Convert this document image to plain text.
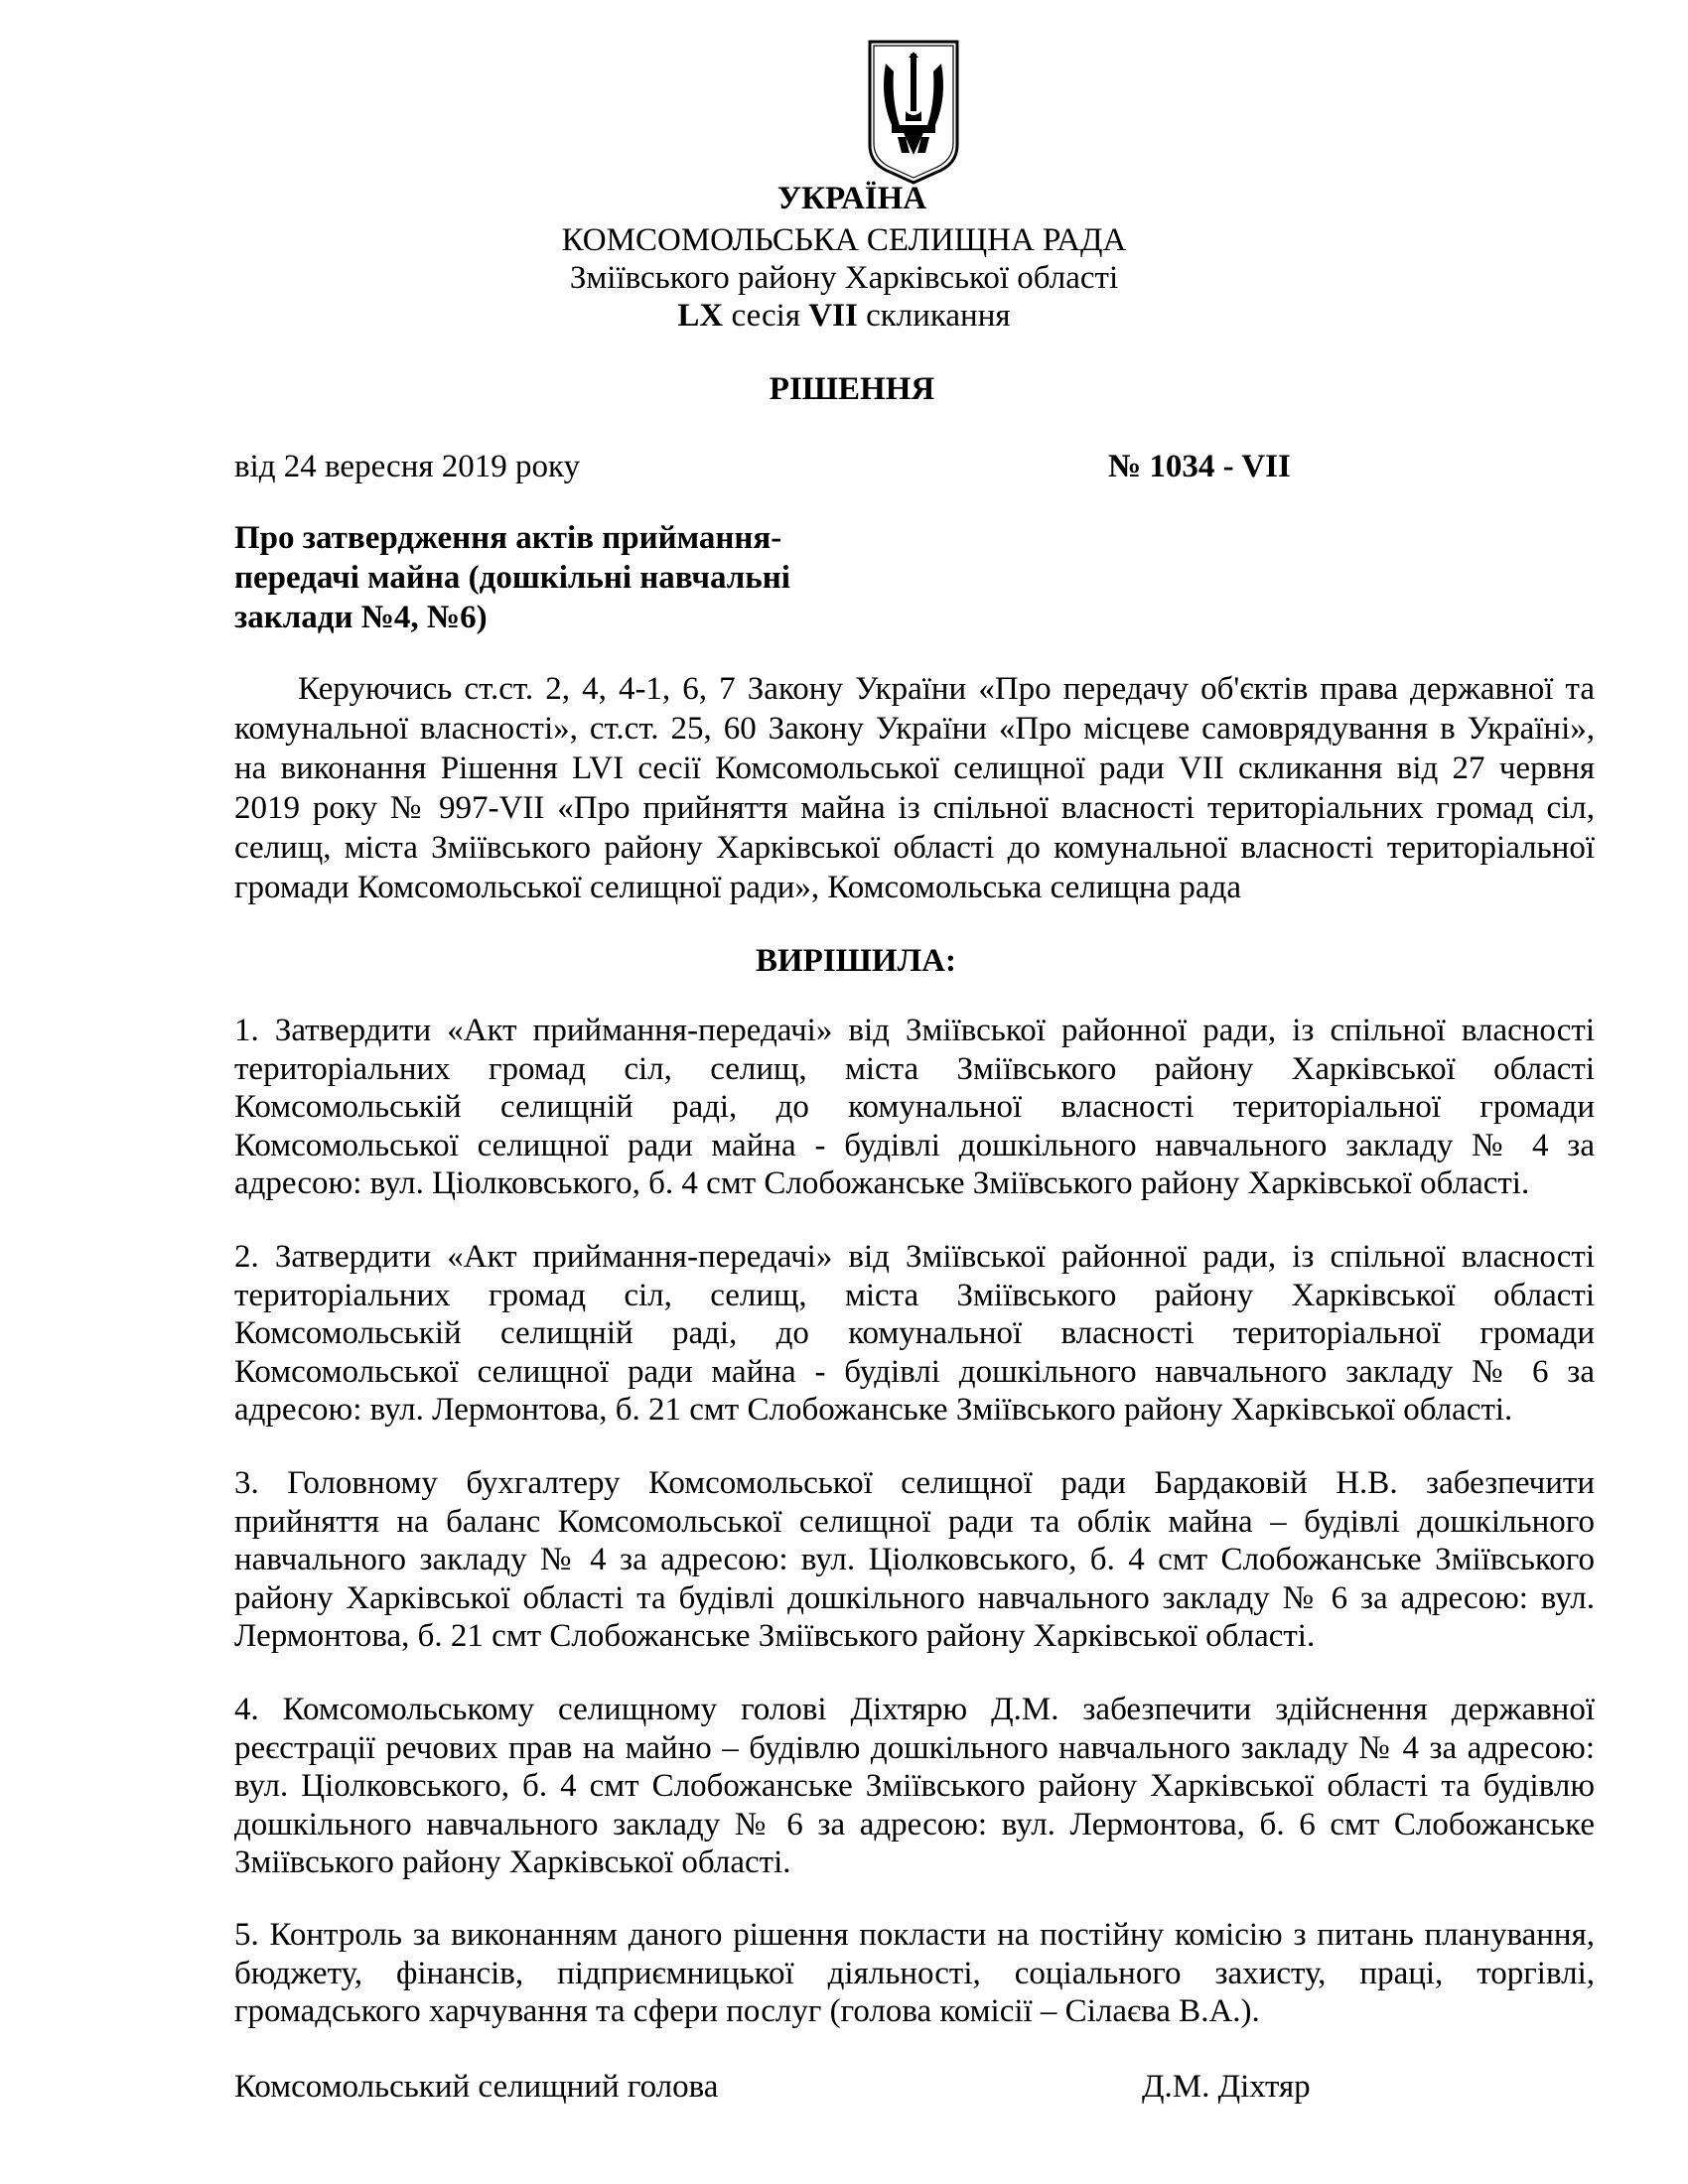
УКРАЇНА

КОМСОМОЛЬСЬКА СЕЛИЩНА РАДА

Зміївського району Харківської області

LX сесія VII скликання

РІШЕННЯ

від 24 вересня 2019 року	№ 1034 - VII
Про затвердження актів приймання-
передачі майна (дошкільні навчальні
заклади №4, №6)
Керуючись ст.ст. 2, 4, 4-1, 6, 7 Закону України «Про передачу об'єктів права державної та
комунальної власності», ст.ст. 25, 60 Закону України «Про місцеве самоврядування в Україні»,
на виконання Рішення LVI сесії Комсомольської селищної ради VII скликання від 27 червня
2019 року № 997-VII «Про прийняття майна із спільної власності територіальних громад сіл,
селищ, міста Зміївського району Харківської області до комунальної власності територіальної
громади Комсомольської селищної ради», Комсомольська селищна рада
ВИРІШИЛА:
1. Затвердити «Акт приймання-передачі» від Зміївської районної ради, із спільної власності
територіальних громад сіл, селищ, міста Зміївського району Харківської області
Комсомольській селищній раді, до комунальної власності територіальної громади
Комсомольської селищної ради майна - будівлі дошкільного навчального закладу № 4 за
адресою: вул. Ціолковського, б. 4 смт Слобожанське Зміївського району Харківської області.
2. Затвердити «Акт приймання-передачі» від Зміївської районної ради, із спільної власності
територіальних громад сіл, селищ, міста Зміївського району Харківської області
Комсомольській селищній раді, до комунальної власності територіальної громади
Комсомольської селищної ради майна - будівлі дошкільного навчального закладу № 6 за
адресою: вул. Лермонтова, б. 21 смт Слобожанське Зміївського району Харківської області.
3. Головному бухгалтеру Комсомольської селищної ради Бардаковій Н.В. забезпечити
прийняття на баланс Комсомольської селищної ради та облік майна – будівлі дошкільного
навчального закладу № 4 за адресою: вул. Ціолковського, б. 4 смт Слобожанське Зміївського
району Харківської області та будівлі дошкільного навчального закладу № 6 за адресою: вул.
Лермонтова, б. 21 смт Слобожанське Зміївського району Харківської області.
4. Комсомольському селищному голові Діхтярю Д.М. забезпечити здійснення державної
реєстрації речових прав на майно – будівлю дошкільного навчального закладу № 4 за адресою:
вул. Ціолковського, б. 4 смт Слобожанське Зміївського району Харківської області та будівлю
дошкільного навчального закладу № 6 за адресою: вул. Лермонтова, б. 6 смт Слобожанське
Зміївського району Харківської області.
5. Контроль за виконанням даного рішення покласти на постійну комісію з питань планування,
бюджету, фінансів, підприємницької діяльності, соціального захисту, праці, торгівлі,
громадського харчування та сфери послуг (голова комісії – Сілаєва В.А.).
Комсомольський селищний голова	Д.М. Діхтяр
